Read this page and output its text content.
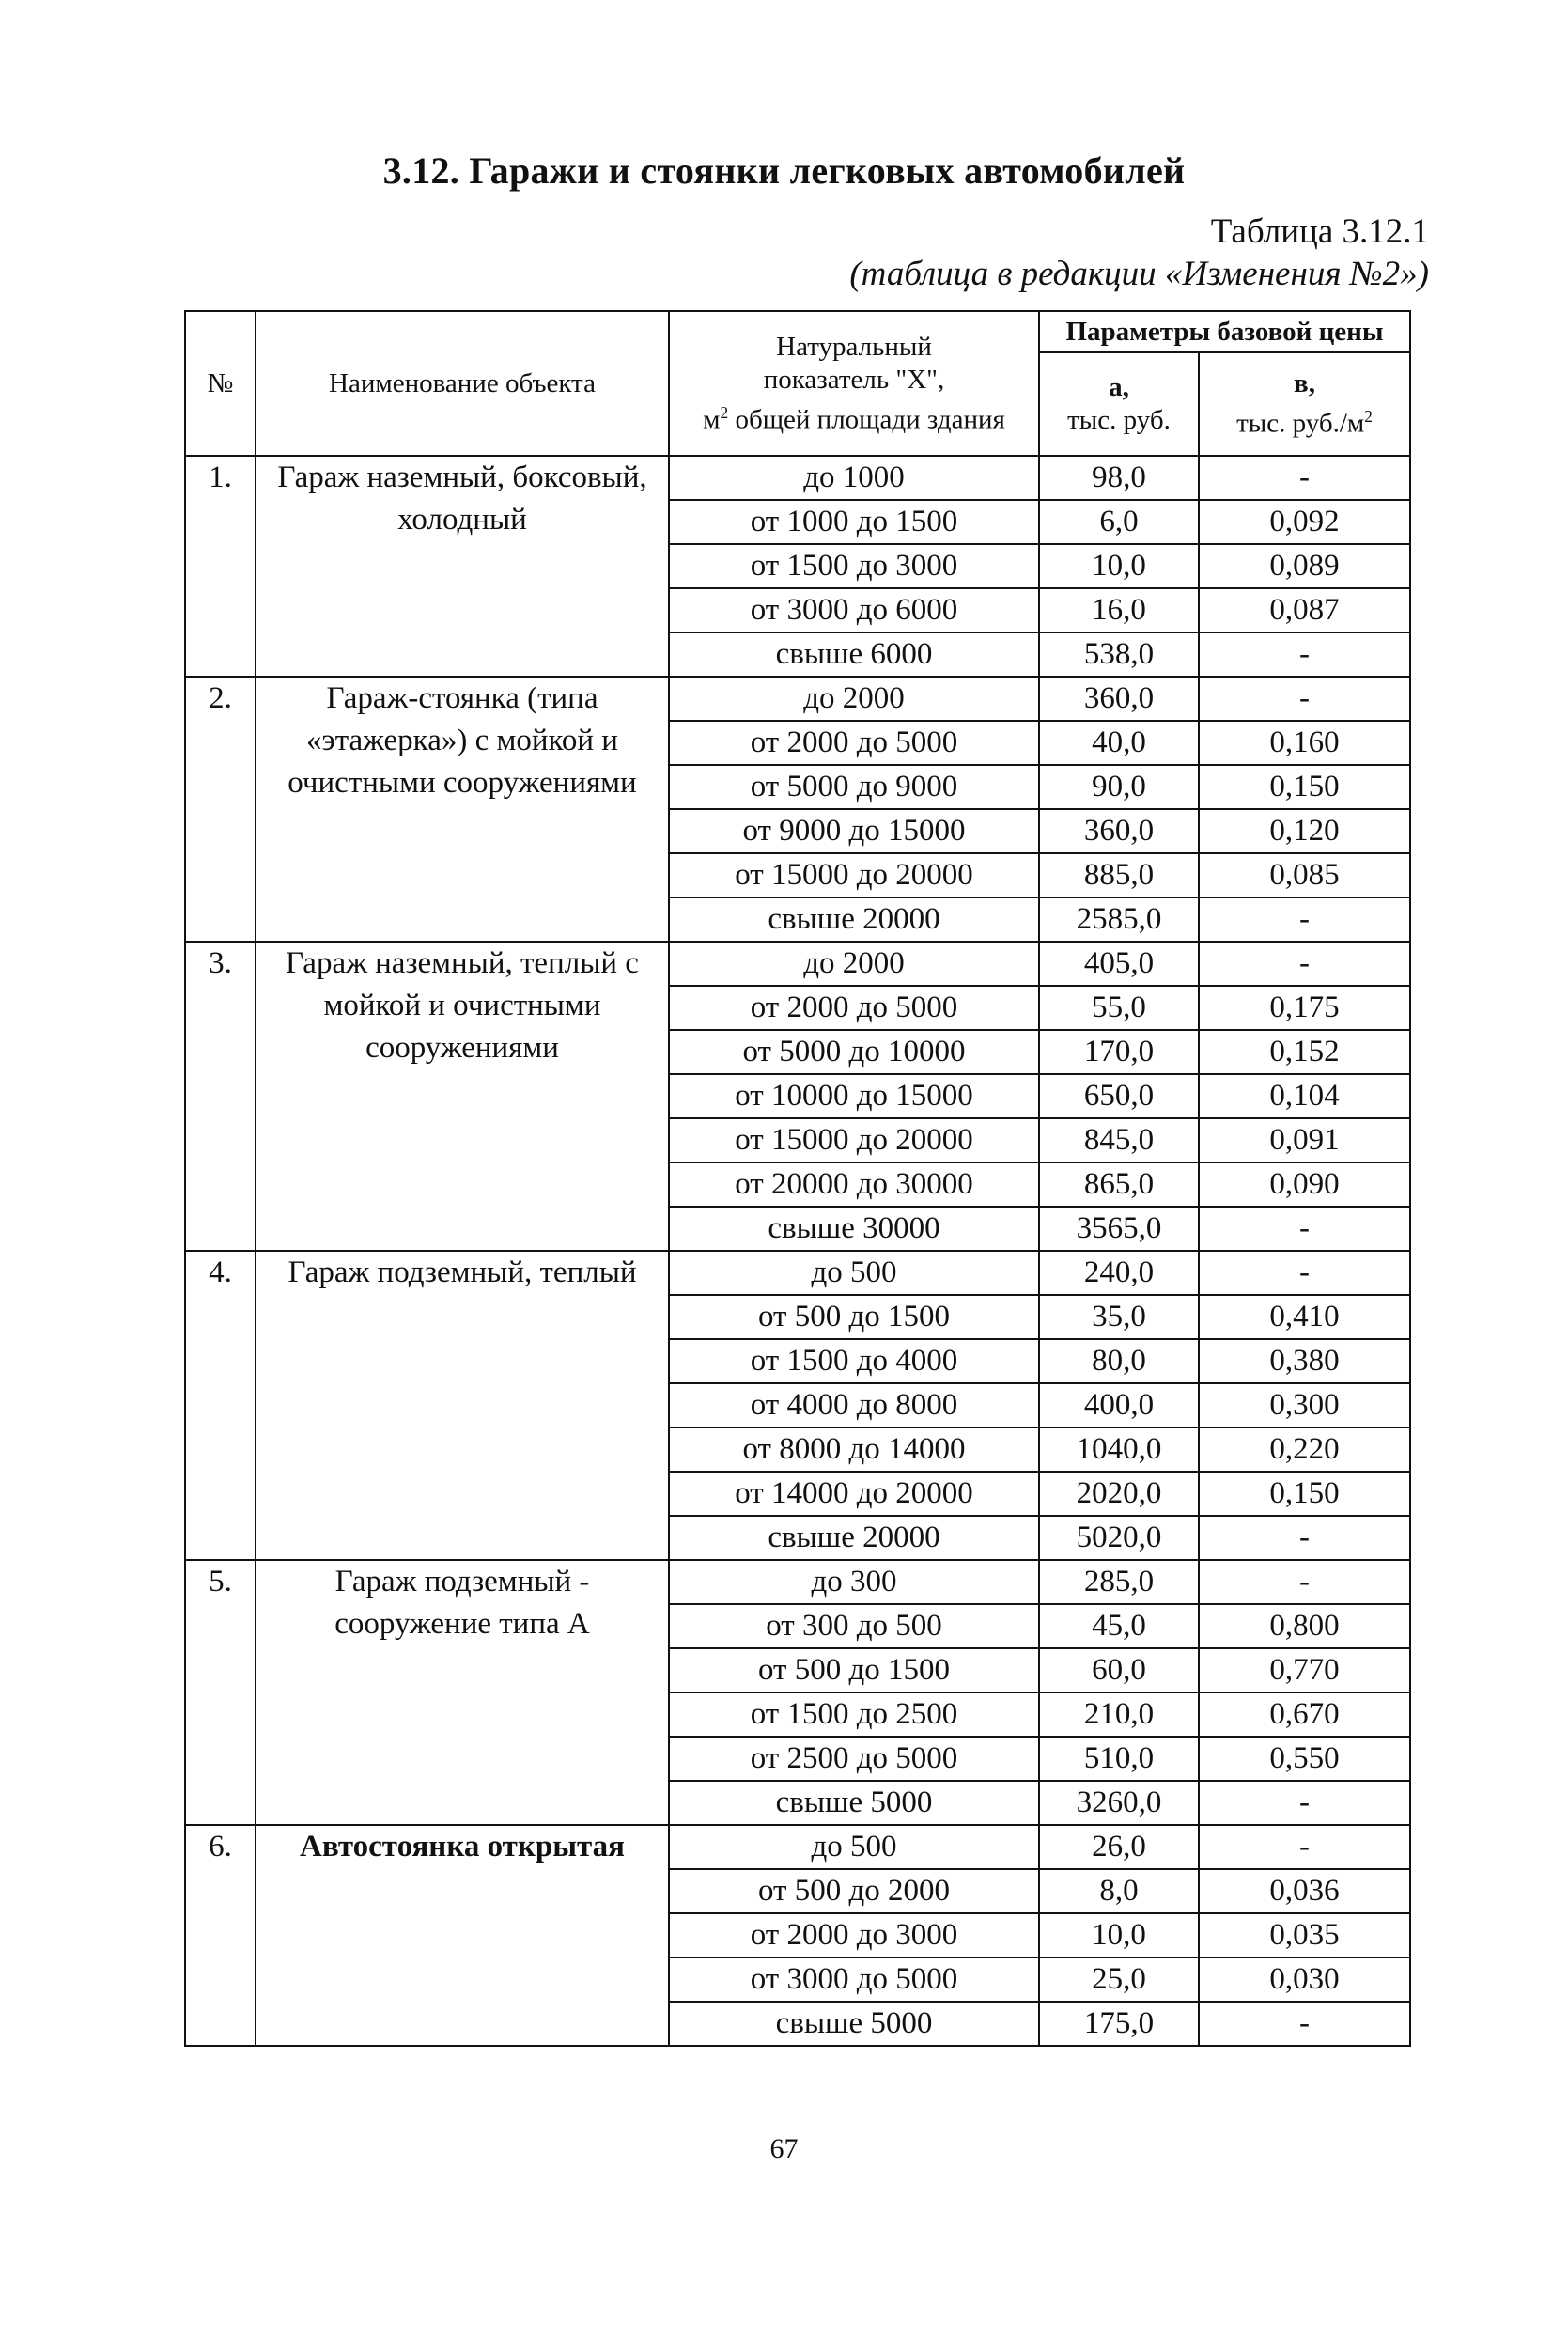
3.12. Гаражи и стоянки легковых автомобилей
Таблица 3.12.1
(таблица в редакции «Изменения №2»)
№	Наименование объекта	Натуральный
показатель "X",
$м^2$ общей площади здания	Параметры базовой цены	
			а,
тыс. руб.	в,
тыс. $руб./м^2$
1.	Гараж наземный, боксовый, холодный	до 1000	98,0	-
		от 1000 до 1500	6,0	0,092
		от 1500 до 3000	10,0	0,089
		от 3000 до 6000	16,0	0,087
		свыше 6000	538,0	-
2.	Гараж-стоянка (типа «этажерка») с мойкой и очистными сооружениями	до 2000	360,0	-
		от 2000 до 5000	40,0	0,160
		от 5000 до 9000	90,0	0,150
		от 9000 до 15000	360,0	0,120
		от 15000 до 20000	885,0	0,085
		свыше 20000	2585,0	-
3.	Гараж наземный, теплый с мойкой и очистными сооружениями	до 2000	405,0	-
		от 2000 до 5000	55,0	0,175
		от 5000 до 10000	170,0	0,152
		от 10000 до 15000	650,0	0,104
		от 15000 до 20000	845,0	0,091
		от 20000 до 30000	865,0	0,090
		свыше 30000	3565,0	-
4.	Гараж подземный, теплый	до 500	240,0	-
		от 500 до 1500	35,0	0,410
		от 1500 до 4000	80,0	0,380
		от 4000 до 8000	400,0	0,300
		от 8000 до 14000	1040,0	0,220
		от 14000 до 20000	2020,0	0,150
		свыше 20000	5020,0	-
5.	Гараж подземный - сооружение типа А	до 300	285,0	-
		от 300 до 500	45,0	0,800
		от 500 до 1500	60,0	0,770
		от 1500 до 2500	210,0	0,670
		от 2500 до 5000	510,0	0,550
		свыше 5000	3260,0	-
6.	Автостоянка открытая	до 500	26,0	-
		от 500 до 2000	8,0	0,036
		от 2000 до 3000	10,0	0,035
		от 3000 до 5000	25,0	0,030
		свыше 5000	175,0	-
67
